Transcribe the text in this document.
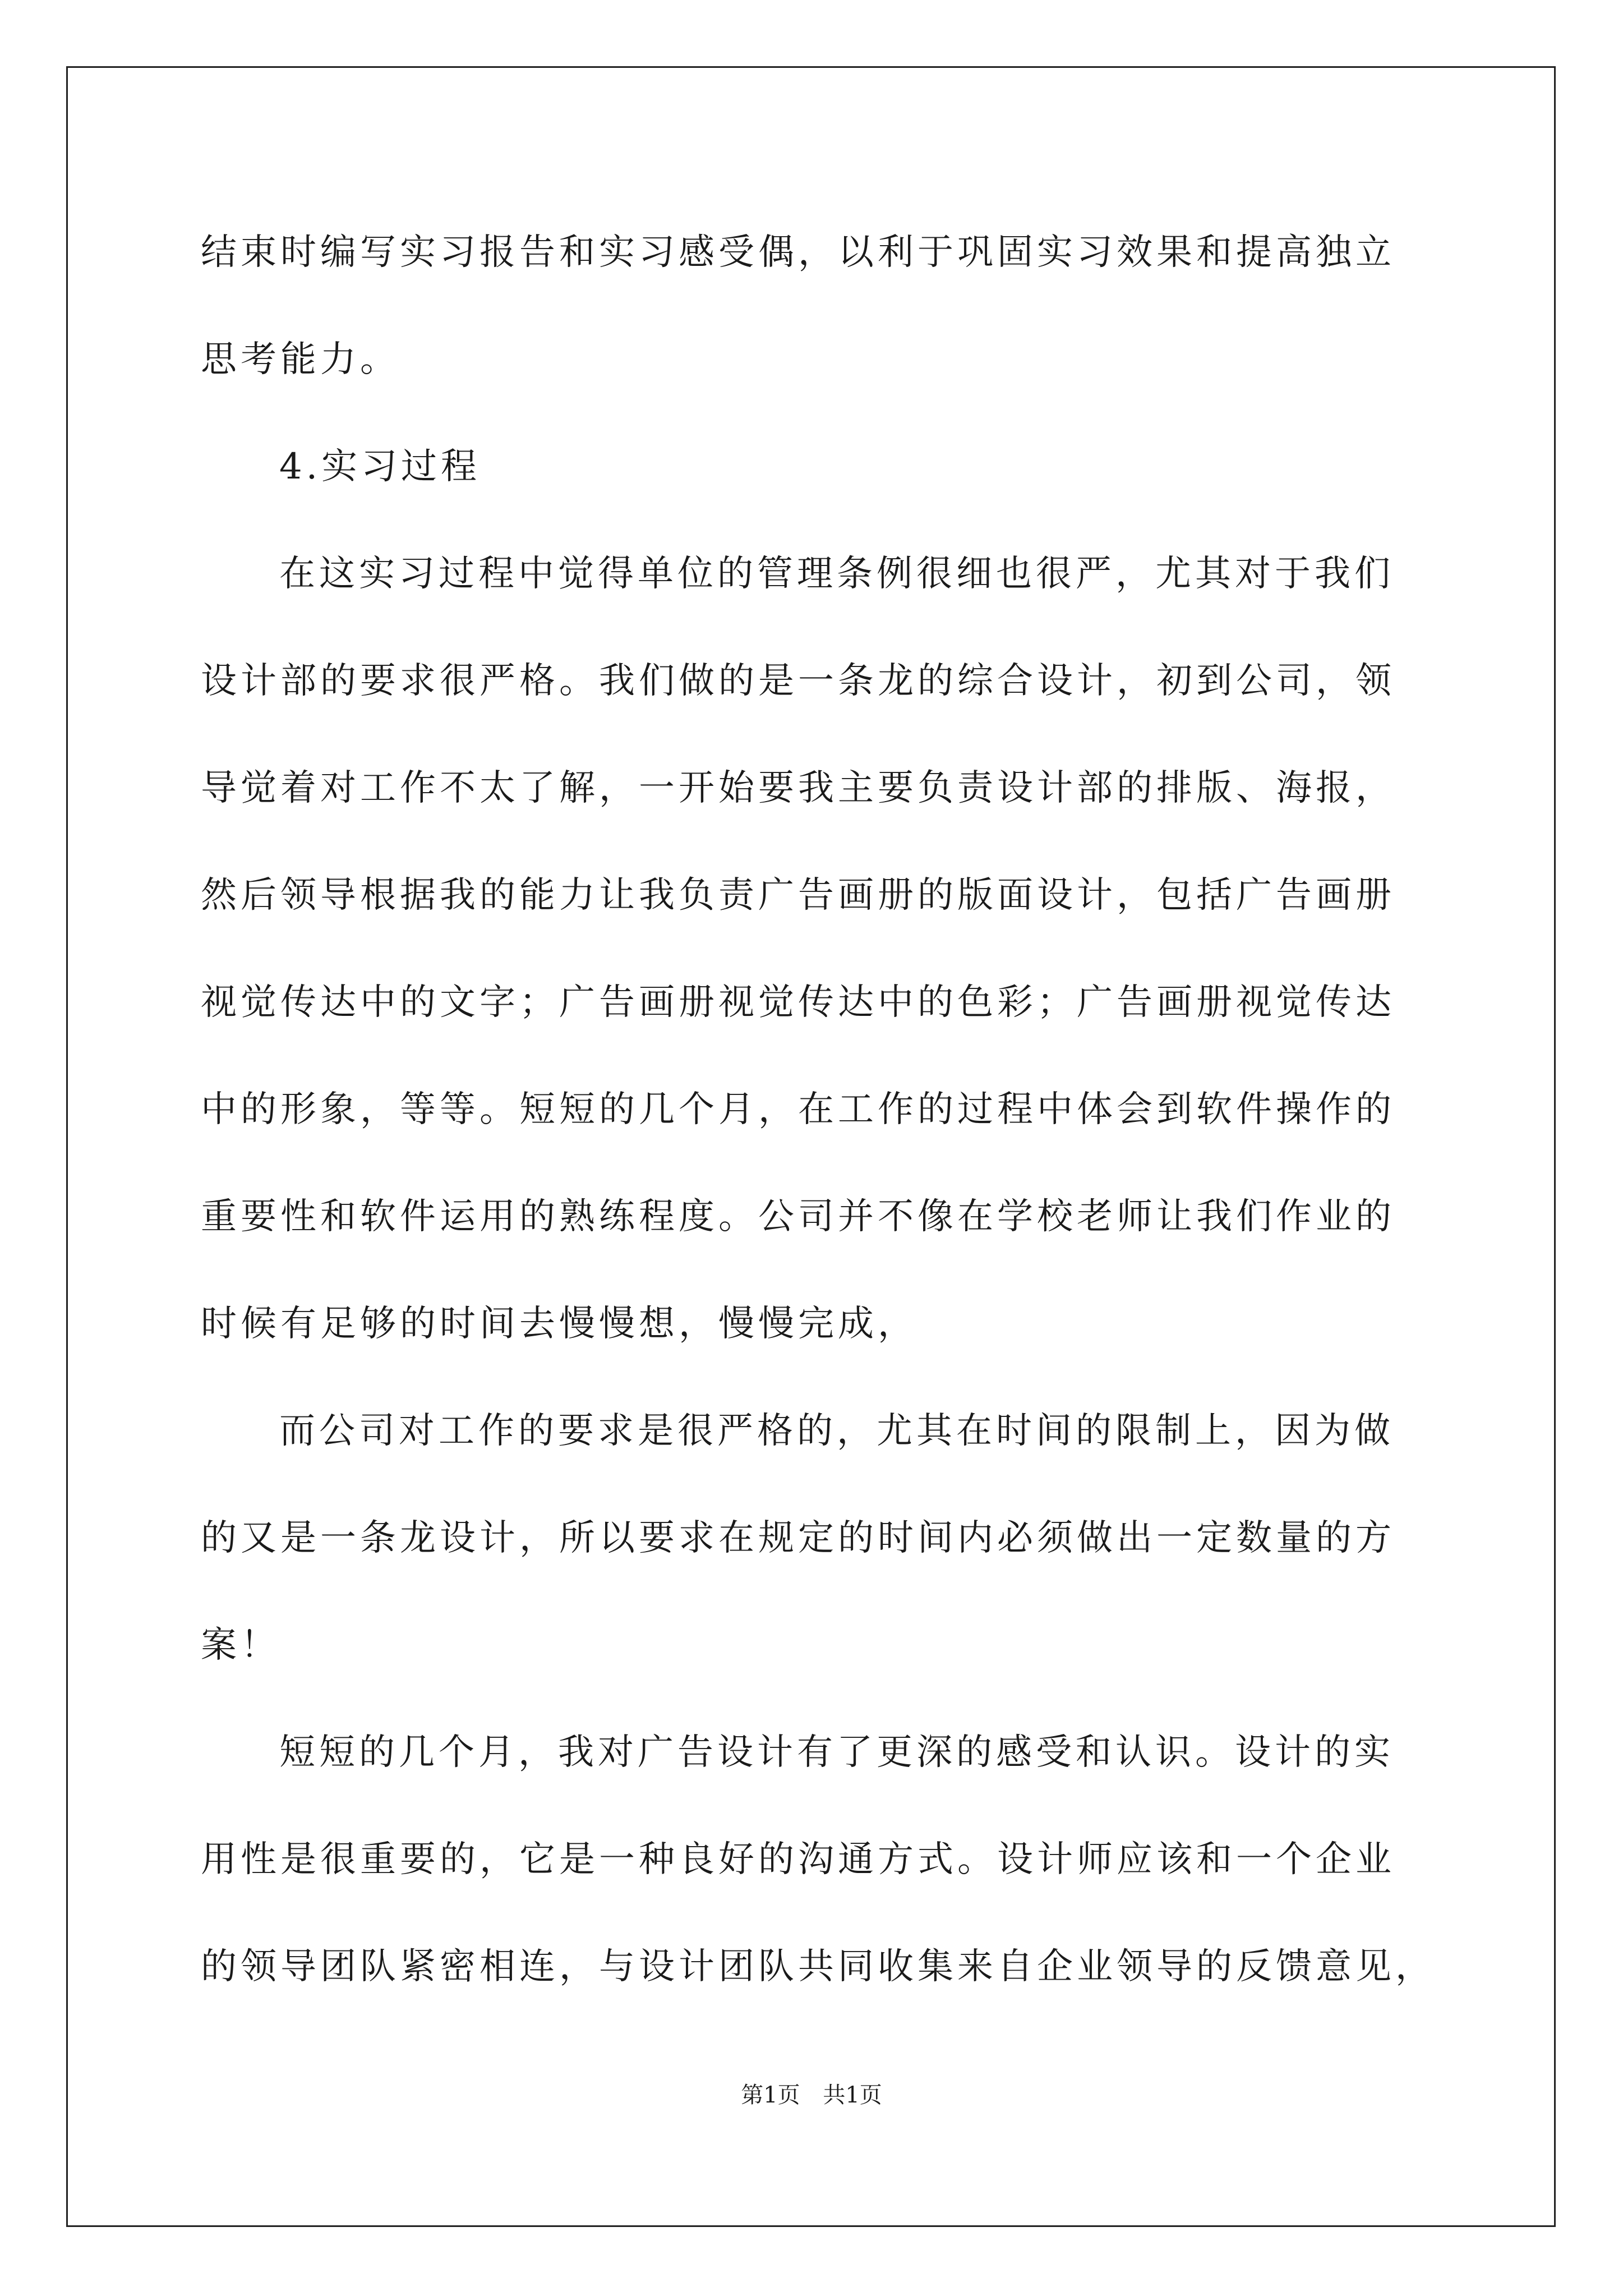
结束时编写实习报告和实习感受偶，以利于巩固实习效果和提高独立
思考能力。
4.实习过程
在这实习过程中觉得单位的管理条例很细也很严，尤其对于我们
设计部的要求很严格。我们做的是一条龙的综合设计，初到公司，领
导觉着对工作不太了解，一开始要我主要负责设计部的排版、海报，
然后领导根据我的能力让我负责广告画册的版面设计，包括广告画册
视觉传达中的文字；广告画册视觉传达中的色彩；广告画册视觉传达
中的形象，等等。短短的几个月，在工作的过程中体会到软件操作的
重要性和软件运用的熟练程度。公司并不像在学校老师让我们作业的
时候有足够的时间去慢慢想，慢慢完成，
而公司对工作的要求是很严格的，尤其在时间的限制上，因为做
的又是一条龙设计，所以要求在规定的时间内必须做出一定数量的方
案！
短短的几个月，我对广告设计有了更深的感受和认识。设计的实
用性是很重要的，它是一种良好的沟通方式。设计师应该和一个企业
的领导团队紧密相连，与设计团队共同收集来自企业领导的反馈意见，
第1页 共1页
